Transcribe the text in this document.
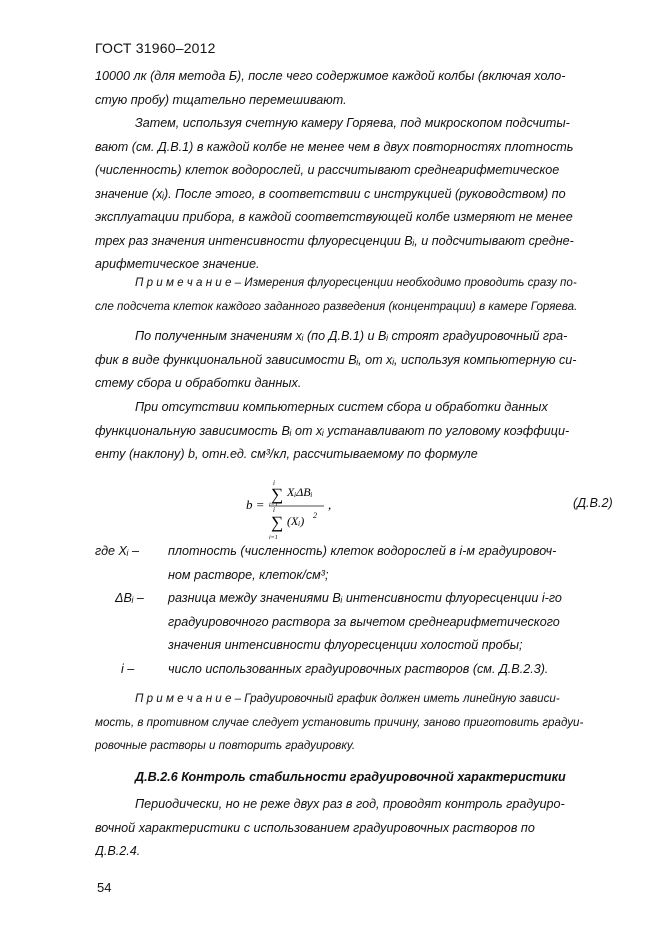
ГОСТ 31960–2012
10000 лк (для метода Б), после чего содержимое каждой колбы (включая холо-
стую пробу) тщательно перемешивают.
Затем, используя счетную камеру Горяева, под микроскопом подсчиты-
вают (см. Д.В.1) в каждой колбе не менее чем в двух повторностях плотность
(численность) клеток водорослей, и рассчитывают среднеарифметическое
значение (xᵢ). После этого, в соответствии с инструкцией (руководством) по
эксплуатации прибора, в каждой соответствующей колбе измеряют не менее
трех раз значения интенсивности флуоресценции Bᵢ, и подсчитывают средне-
арифметическое значение.
П р и м е ч а н и е – Измерения флуоресценции необходимо проводить сразу по-
сле подсчета клеток каждого заданного разведения (концентрации) в камере Горяева.
По полученным значениям xᵢ (по Д.В.1) и Bᵢ строят градуировочный гра-
фик в виде функциональной зависимости Bᵢ, от xᵢ, используя компьютерную си-
стему сбора и обработки данных.
При отсутствии компьютерных систем сбора и обработки данных
функциональную зависимость Bᵢ от xᵢ устанавливают по угловому коэффици-
енту (наклону) b, отн.ед. см³/кл, рассчитываемому по формуле
b =
i
∑
i=1
XᵢΔBᵢ
i
∑
i=1
(Xᵢ) 2
,	(Д.В.2)
где Xᵢ – плотность (численность) клеток водорослей в i-м градуировоч-
ном растворе, клеток/см³;
ΔBᵢ – разница между значениями Bᵢ интенсивности флуоресценции i-го
градуировочного раствора за вычетом среднеарифметического
значения интенсивности флуоресценции холостой пробы;
i –	число использованных градуировочных растворов (см. Д.В.2.3).
П р и м е ч а н и е – Градуировочный график должен иметь линейную зависи-
мость, в противном случае следует установить причину, заново приготовить градуи-
ровочные растворы и повторить градуировку.
Д.В.2.6 Контроль стабильности градуировочной характеристики
Периодически, но не реже двух раз в год, проводят контроль градуиро-
вочной характеристики с использованием градуировочных растворов по
Д.В.2.4.
54
